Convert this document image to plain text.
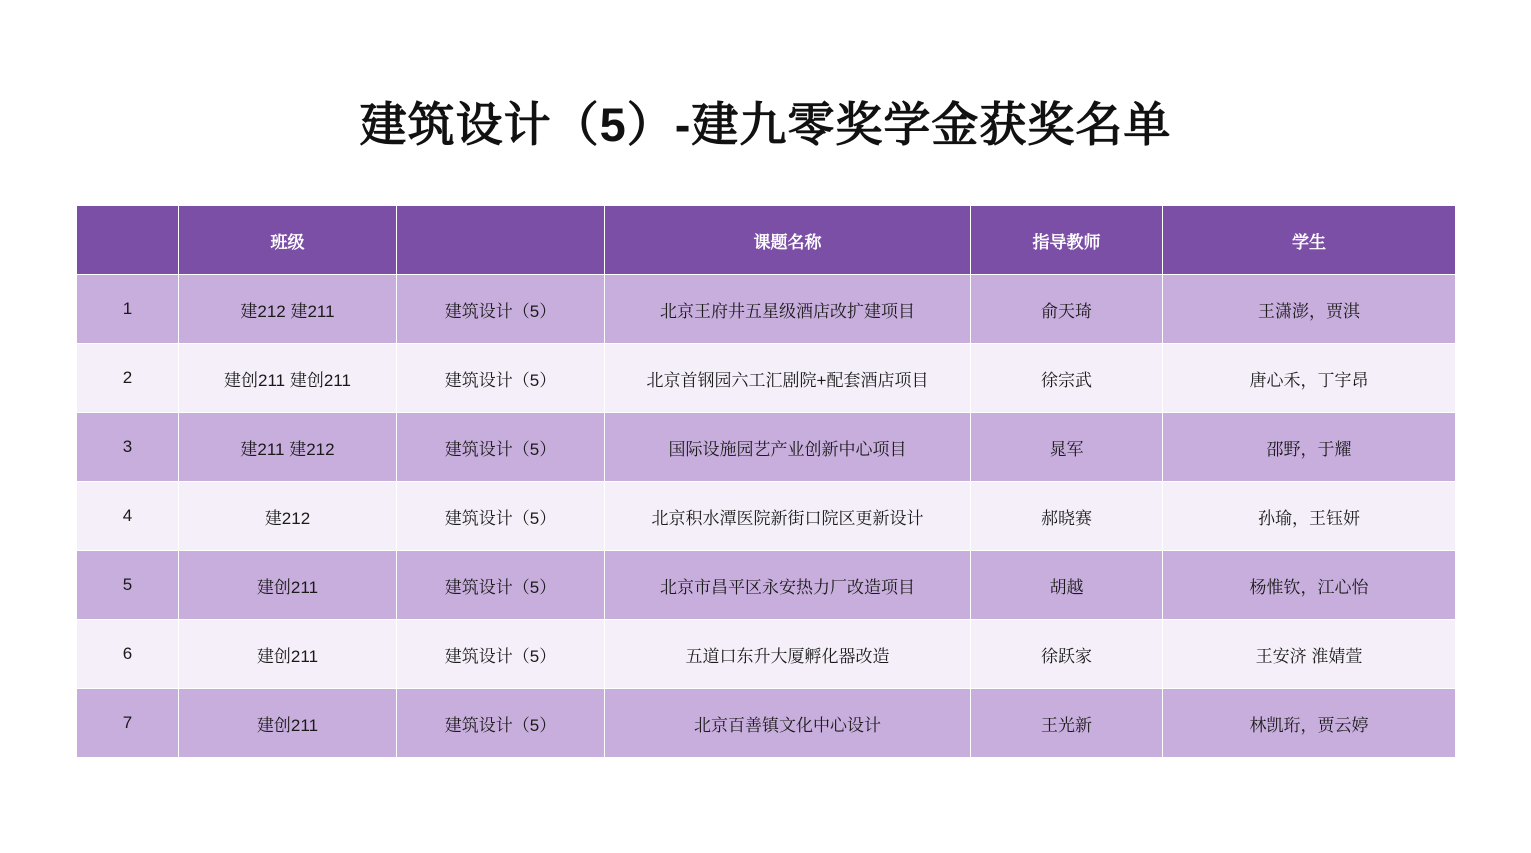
建筑设计（5）-建九零奖学金获奖名单
	班级		课题名称	指导教师	学生
1	建212 建211	建筑设计（5）	北京王府井五星级酒店改扩建项目	俞天琦	王潇澎，贾淇
2	建创211 建创211	建筑设计（5）	北京首钢园六工汇剧院+配套酒店项目	徐宗武	唐心禾，丁宇昂
3	建211 建212	建筑设计（5）	国际设施园艺产业创新中心项目	晁军	邵野，于耀
4	建212	建筑设计（5）	北京积水潭医院新街口院区更新设计	郝晓赛	孙瑜，王钰妍
5	建创211	建筑设计（5）	北京市昌平区永安热力厂改造项目	胡越	杨惟钦，江心怡
6	建创211	建筑设计（5）	五道口东升大厦孵化器改造	徐跃家	王安济 淮婧萱
7	建创211	建筑设计（5）	北京百善镇文化中心设计	王光新	林凯珩，贾云婷
